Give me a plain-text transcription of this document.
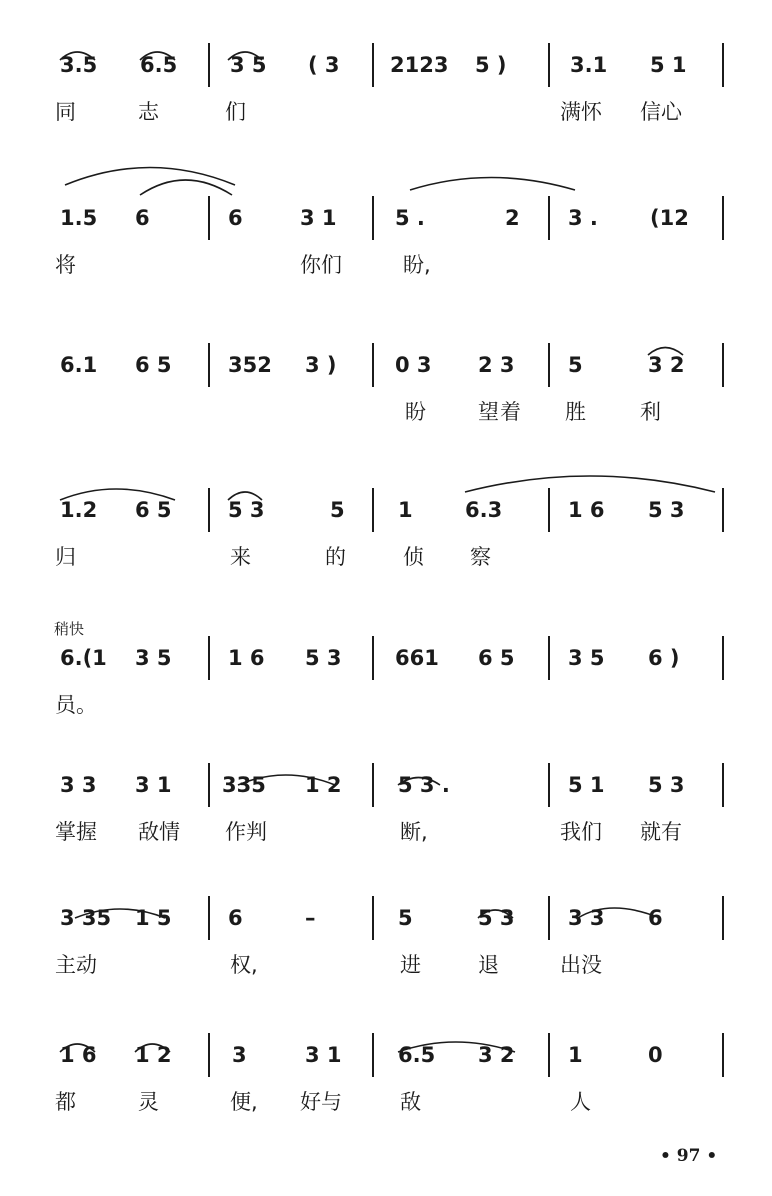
3.5 6.5	3 5 ( 3 2123 5 )	3.1 5 1
同	志	们	满怀 信心
1.5 6	6	3 1	5 .	2 3 . (12
将	你们	盼,
6.1 6 5	352 3 )	0 3 2 3	5	3 2
盼 望 着 胜	利
1.2 6 5	5 3	5	1 6.3	1 6 5 3
归	来	的	侦 察
6.(1 3 5	1 6 5 3	661 6 5	3 5 6 )
员。
3 3 3 1 335 1 2	5 3 .	5 1 5 3
掌握 敌情 作判	断,	我们 就有
3 35 1 5	6	–	5	5 3	3 3 6
主动	权,	进	退	出没
1 6 1 2	3	3 1	6.5 3 2	1	0
都	灵	便, 好与	敌	人
稍快
• 97 •
